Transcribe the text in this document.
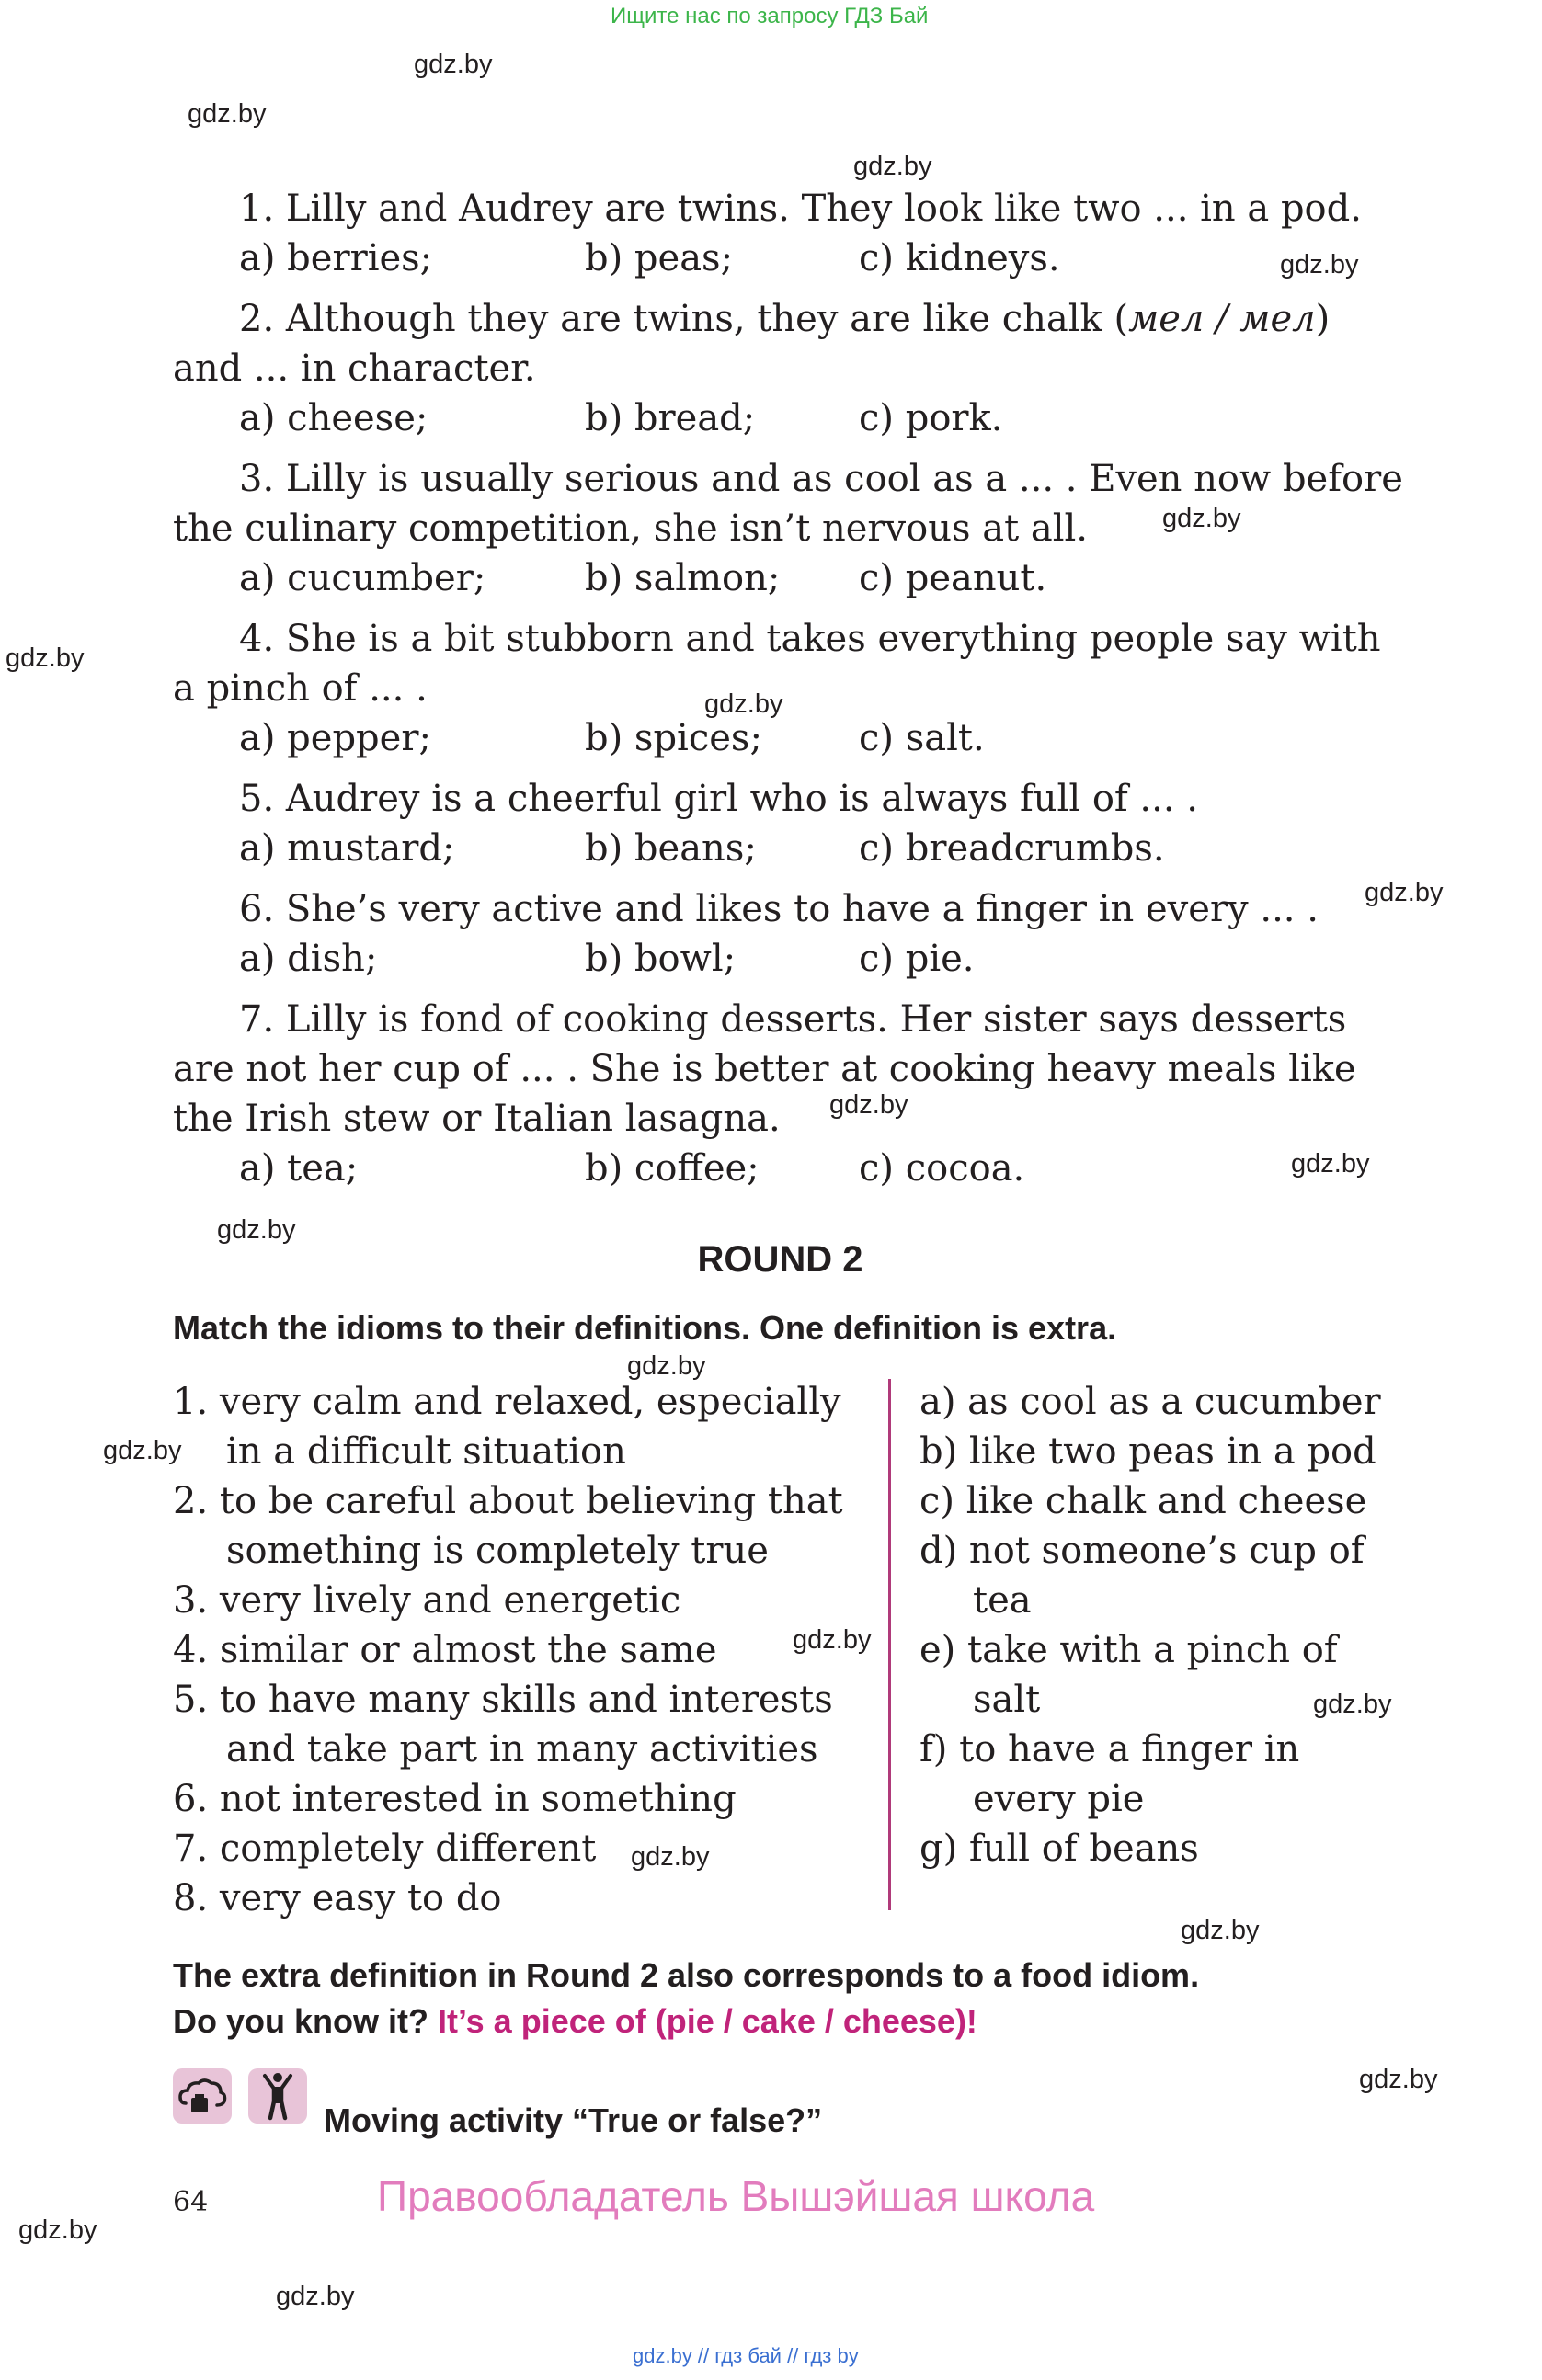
Ищите нас по запросу ГДЗ Бай
gdz.by
gdz.by
gdz.by
gdz.by
gdz.by
gdz.by
gdz.by
gdz.by
gdz.by
gdz.by
gdz.by
gdz.by
gdz.by
gdz.by
gdz.by
gdz.by
gdz.by
gdz.by
gdz.by
gdz.by
1. Lilly and Audrey are twins. They look like two ... in a pod.
a) berries;	b) peas;	c) kidneys.
2. Although they are twins, they are like chalk (мел / мел)
and ... in character.
a) cheese;	b) bread;	c) pork.
3. Lilly is usually serious and as cool as a ... . Even now before
the culinary competition, she isn’t nervous at all.
a) cucumber;	b) salmon; c) peanut.
4. She is a bit stubborn and takes everything people say with
a pinch of ... .
a) pepper;	b) spices;	c) salt.
5. Audrey is a cheerful girl who is always full of ... .
a) mustard;	b) beans;	c) breadcrumbs.
6. She’s very active and likes to have a finger in every ... .
a) dish;	b) bowl;	c) pie.
7. Lilly is fond of cooking desserts. Her sister says desserts
are not her cup of ... . She is better at cooking heavy meals like
the Irish stew or Italian lasagna.
a) tea;	b) coffee;	c) cocoa.
ROUND 2
Match the idioms to their definitions. One definition is extra.
1. very calm and relaxed, especially
in a difficult situation
2. to be careful about believing that
something is completely true
3. very lively and energetic
4. similar or almost the same
5. to have many skills and interests
and take part in many activities
6. not interested in something
7. completely different
8. very easy to do
a) as cool as a cucumber
b) like two peas in a pod
c) like chalk and cheese
d) not someone’s cup of
tea
e) take with a pinch of
salt
f) to have a finger in
every pie
g) full of beans
The extra definition in Round 2 also corresponds to a food idiom.
Do you know it? It’s a piece of (pie / cake / cheese)!
Moving activity “True or false?”
64	Правообладатель Вышэйшая школа
gdz.by // гдз бай // гдз by
